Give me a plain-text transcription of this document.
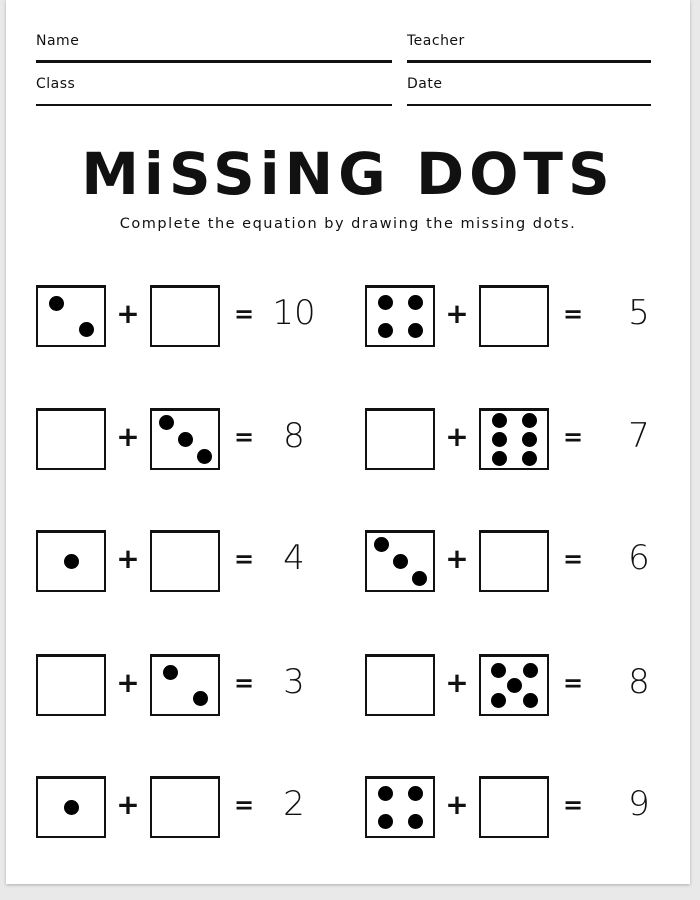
Name	Teacher
Class	Date
MiSSiNG DOTS
Complete the equation by drawing the missing dots.
+	= 10	+	=	5
+	= 8	+	=	7
+	= 4	+	=	6
+	= 3	+	=	8
+	= 2	+	=	9
